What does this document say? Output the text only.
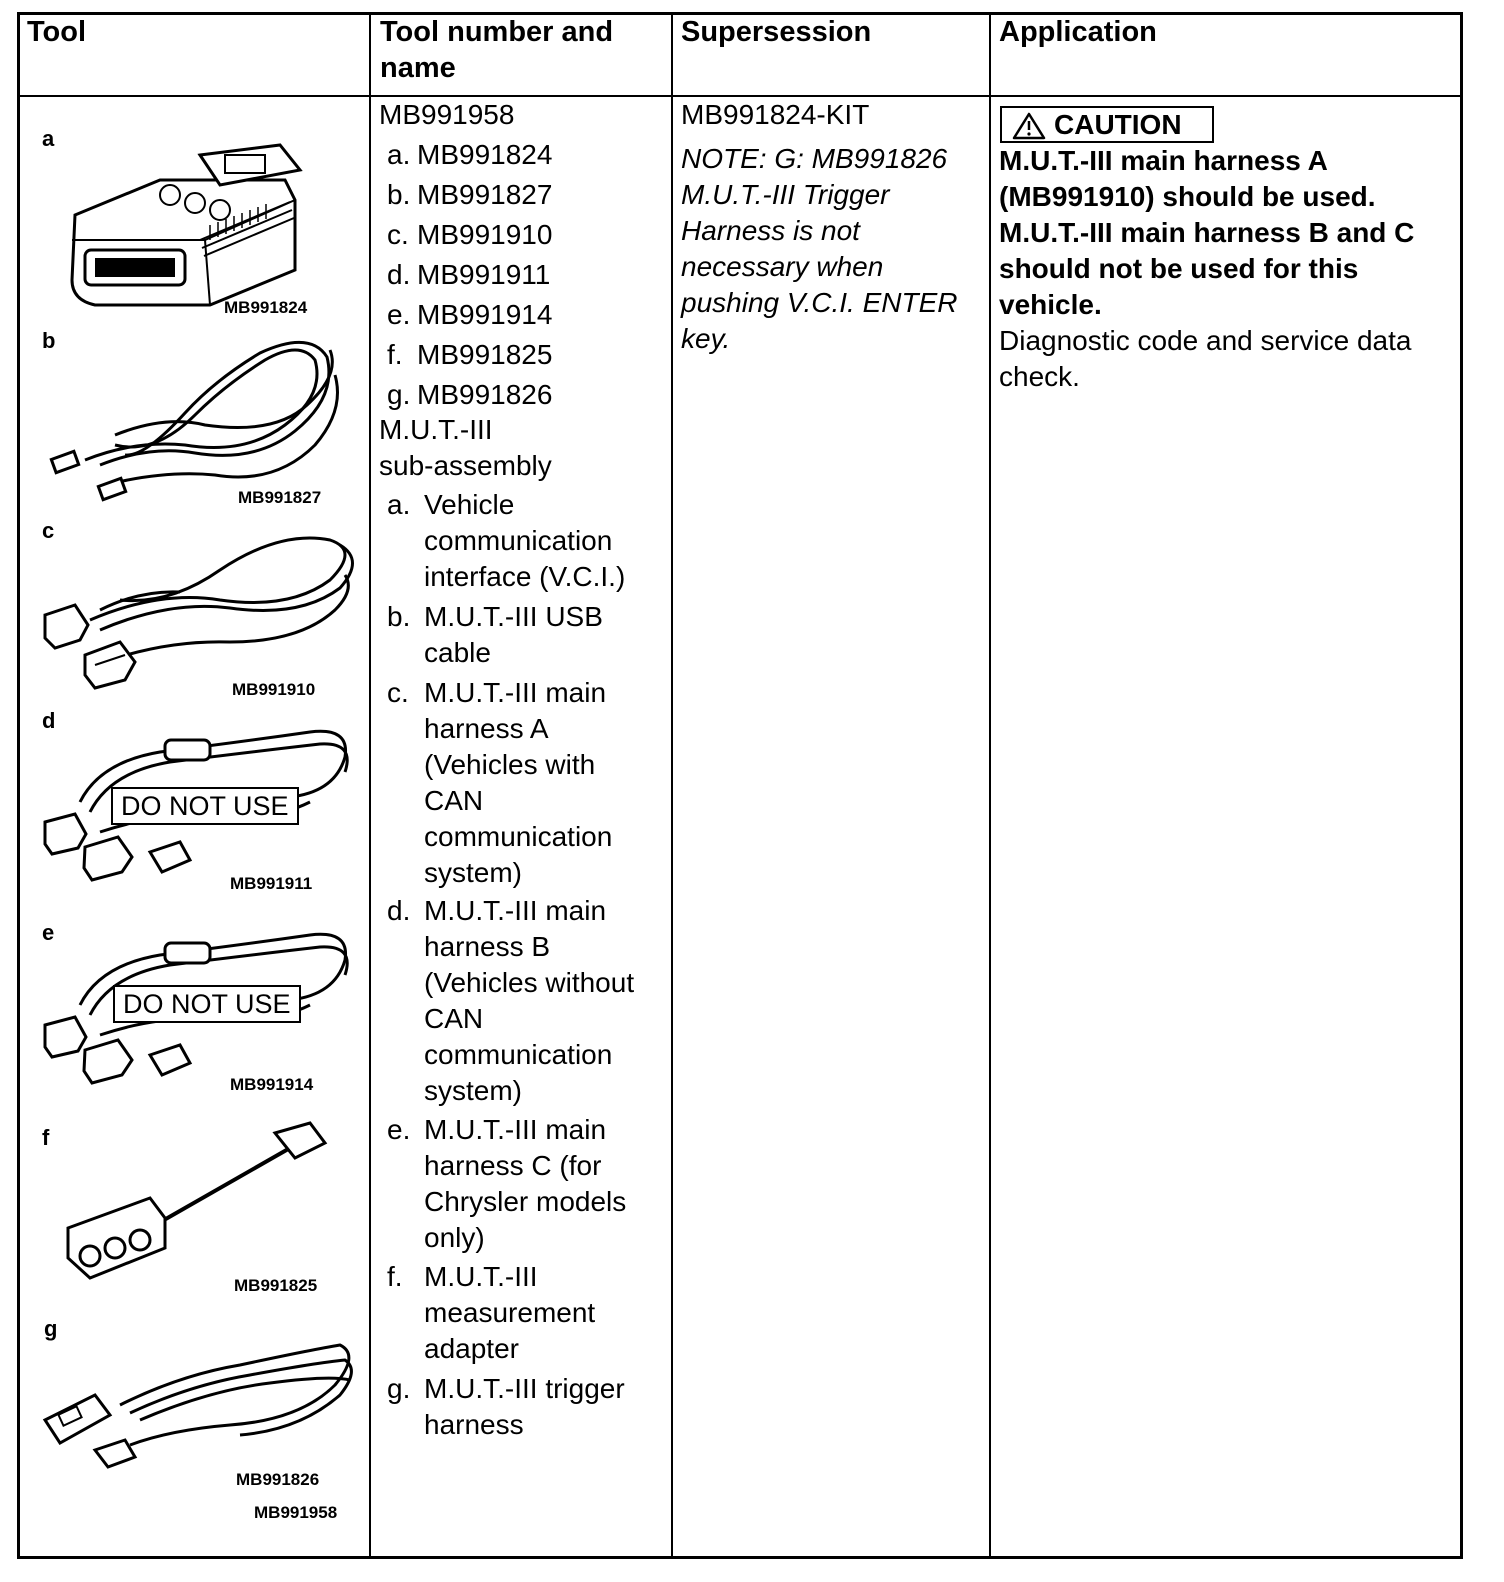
Tool	Tool number and
name
Supersession	Application
a
MB991824
b
MB991827
c
MB991910
d
DO NOT USE
MB991911
e
DO NOT USE
MB991914
f
MB991825
g
MB991826
MB991958
MB991958
a. MB991824
b. MB991827
c. MB991910
d. MB991911
e. MB991914
f. MB991825
g. MB991826
M.U.T.-III
sub-assembly
a. Vehicle communication interface (V.C.I.)
b. M.U.T.-III USB cable
c. M.U.T.-III main harness A (Vehicles with CAN communication system)
d. M.U.T.-III main harness B (Vehicles without CAN communication system)
e. M.U.T.-III main harness C (for Chrysler models only)
f. M.U.T.-III measurement adapter
g. M.U.T.-III trigger harness
MB991824-KIT
NOTE: G: MB991826
M.U.T.-III Trigger
Harness is not
necessary when
pushing V.C.I. ENTER
key.
CAUTION
M.U.T.-III main harness A
(MB991910) should be used.
M.U.T.-III main harness B and C
should not be used for this
vehicle.
Diagnostic code and service data
check.
